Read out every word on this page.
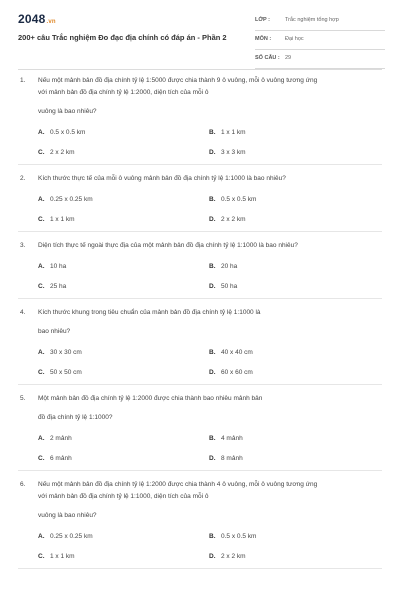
2048.vn
200+ câu Trắc nghiệm Đo đạc địa chính có đáp án - Phần 2
LỚP :	Trắc nghiệm tổng hợp
MÔN :	Đại học
SỐ CÂU : 29
1.	Nếu một mảnh bản đồ địa chính tỷ lệ 1:5000 được chia thành 9 ô vuông, mỗi ô vuông tương ứng
với mảnh bản đồ địa chính tỷ lệ 1:2000, diện tích của mỗi ô
vuông là bao nhiêu?
A. 0.5 x 0.5 km	B. 1 x 1 km
C. 2 x 2 km	D. 3 x 3 km
2.	Kích thước thực tế của mỗi ô vuông mảnh bản đồ địa chính tỷ lệ 1:1000 là bao nhiêu?
A. 0.25 x 0.25 km	B. 0.5 x 0.5 km
C. 1 x 1 km	D. 2 x 2 km
3.	Diện tích thực tế ngoài thực địa của một mảnh bản đồ địa chính tỷ lệ 1:1000 là bao nhiêu?
A. 10 ha	B. 20 ha
C. 25 ha	D. 50 ha
4.	Kích thước khung trong tiêu chuẩn của mảnh bản đồ địa chính tỷ lệ 1:1000 là
bao nhiêu?
A. 30 x 30 cm	B. 40 x 40 cm
C. 50 x 50 cm	D. 60 x 60 cm
5.	Một mảnh bản đồ địa chính tỷ lệ 1:2000 được chia thành bao nhiêu mảnh bản
đồ địa chính tỷ lệ 1:1000?
A. 2 mảnh	B. 4 mảnh
C. 6 mảnh	D. 8 mảnh
6.	Nếu một mảnh bản đồ địa chính tỷ lệ 1:2000 được chia thành 4 ô vuông, mỗi ô vuông tương ứng
với mảnh bản đồ địa chính tỷ lệ 1:1000, diện tích của mỗi ô
vuông là bao nhiêu?
A. 0.25 x 0.25 km	B. 0.5 x 0.5 km
C. 1 x 1 km	D. 2 x 2 km
